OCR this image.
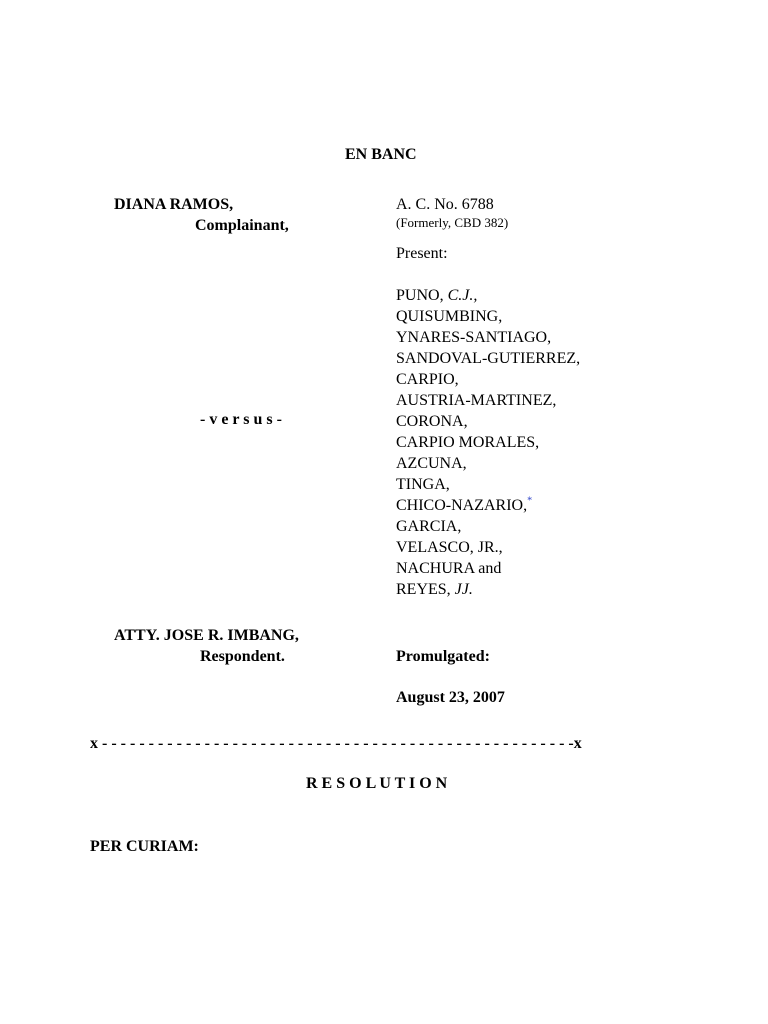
EN BANC
DIANA RAMOS,
Complainant,
A. C. No. 6788
(Formerly, CBD 382)
Present:
PUNO, C.J.,
QUISUMBING,
YNARES-SANTIAGO,
SANDOVAL-GUTIERREZ,
CARPIO,
AUSTRIA-MARTINEZ,
CORONA,
CARPIO MORALES,
AZCUNA,
TINGA,
CHICO-NAZARIO,*
GARCIA,
VELASCO, JR.,
NACHURA and
REYES, JJ.
- v e r s u s -
ATTY. JOSE R. IMBANG,
Respondent.	Promulgated:
August 23, 2007
x - - - - - - - - - - - - - - - - - - - - - - - - - - - - - - - - - - - - - - - - - - - - - - - - - - -x
R E S O L U T I O N
PER CURIAM:
